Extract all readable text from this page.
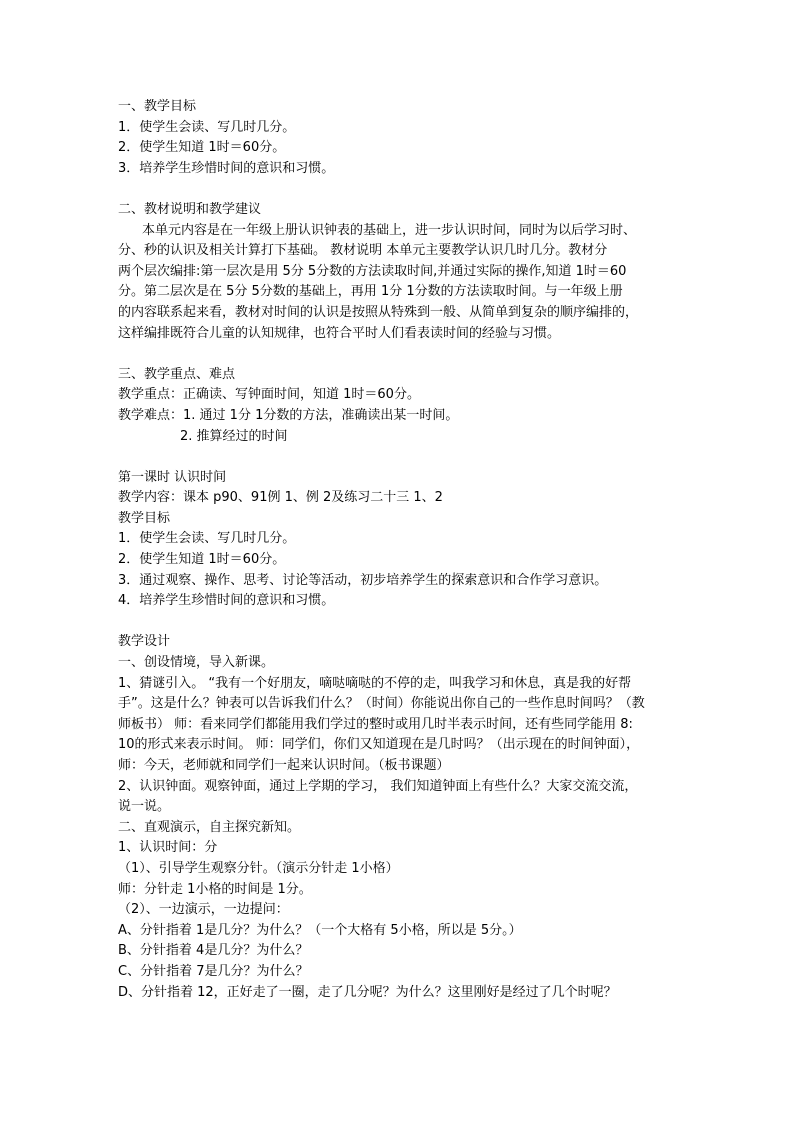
一、教学目标
1．使学生会读、写几时几分。
2．使学生知道 1时＝60分。
3．培养学生珍惜时间的意识和习惯。
二、教材说明和教学建议
本单元内容是在一年级上册认识钟表的基础上，进一步认识时间，同时为以后学习时、
分、秒的认识及相关计算打下基础。 教材说明 本单元主要教学认识几时几分。教材分
两个层次编排:第一层次是用 5分 5分数的方法读取时间,并通过实际的操作,知道 1时＝60
分。第二层次是在 5分 5分数的基础上，再用 1分 1分数的方法读取时间。与一年级上册
的内容联系起来看，教材对时间的认识是按照从特殊到一般、从简单到复杂的顺序编排的，
这样编排既符合儿童的认知规律，也符合平时人们看表读时间的经验与习惯。
三、教学重点、难点
教学重点：正确读、写钟面时间，知道 1时＝60分。
教学难点：1. 通过 1分 1分数的方法，准确读出某一时间。
2. 推算经过的时间
第一课时 认识时间
教学内容：课本 p90、91例 1、例 2及练习二十三 1、2
教学目标
1．使学生会读、写几时几分。
2．使学生知道 1时＝60分。
3．通过观察、操作、思考、讨论等活动，初步培养学生的探索意识和合作学习意识。
4．培养学生珍惜时间的意识和习惯。
教学设计
一、创设情境，导入新课。
1、猜谜引入。 “我有一个好朋友，嘀哒嘀哒的不停的走，叫我学习和休息，真是我的好帮
手”。这是什么？钟表可以告诉我们什么？（时间）你能说出你自己的一些作息时间吗？（教
师板书） 师：看来同学们都能用我们学过的整时或用几时半表示时间，还有些同学能用 8:
10的形式来表示时间。 师：同学们，你们又知道现在是几时吗？（出示现在的时间钟面），
师：今天，老师就和同学们一起来认识时间。（板书课题）
2、认识钟面。观察钟面，通过上学期的学习， 我们知道钟面上有些什么？大家交流交流，
说一说。
二、直观演示，自主探究新知。
1、认识时间：分
（1）、引导学生观察分针。（演示分针走 1小格）
师：分针走 1小格的时间是 1分。
（2）、一边演示，一边提问：
A、分针指着 1是几分？为什么？（一个大格有 5小格，所以是 5分。）
B、分针指着 4是几分？为什么？
C、分针指着 7是几分？为什么？
D、分针指着 12，正好走了一圈，走了几分呢？为什么？这里刚好是经过了几个时呢？
